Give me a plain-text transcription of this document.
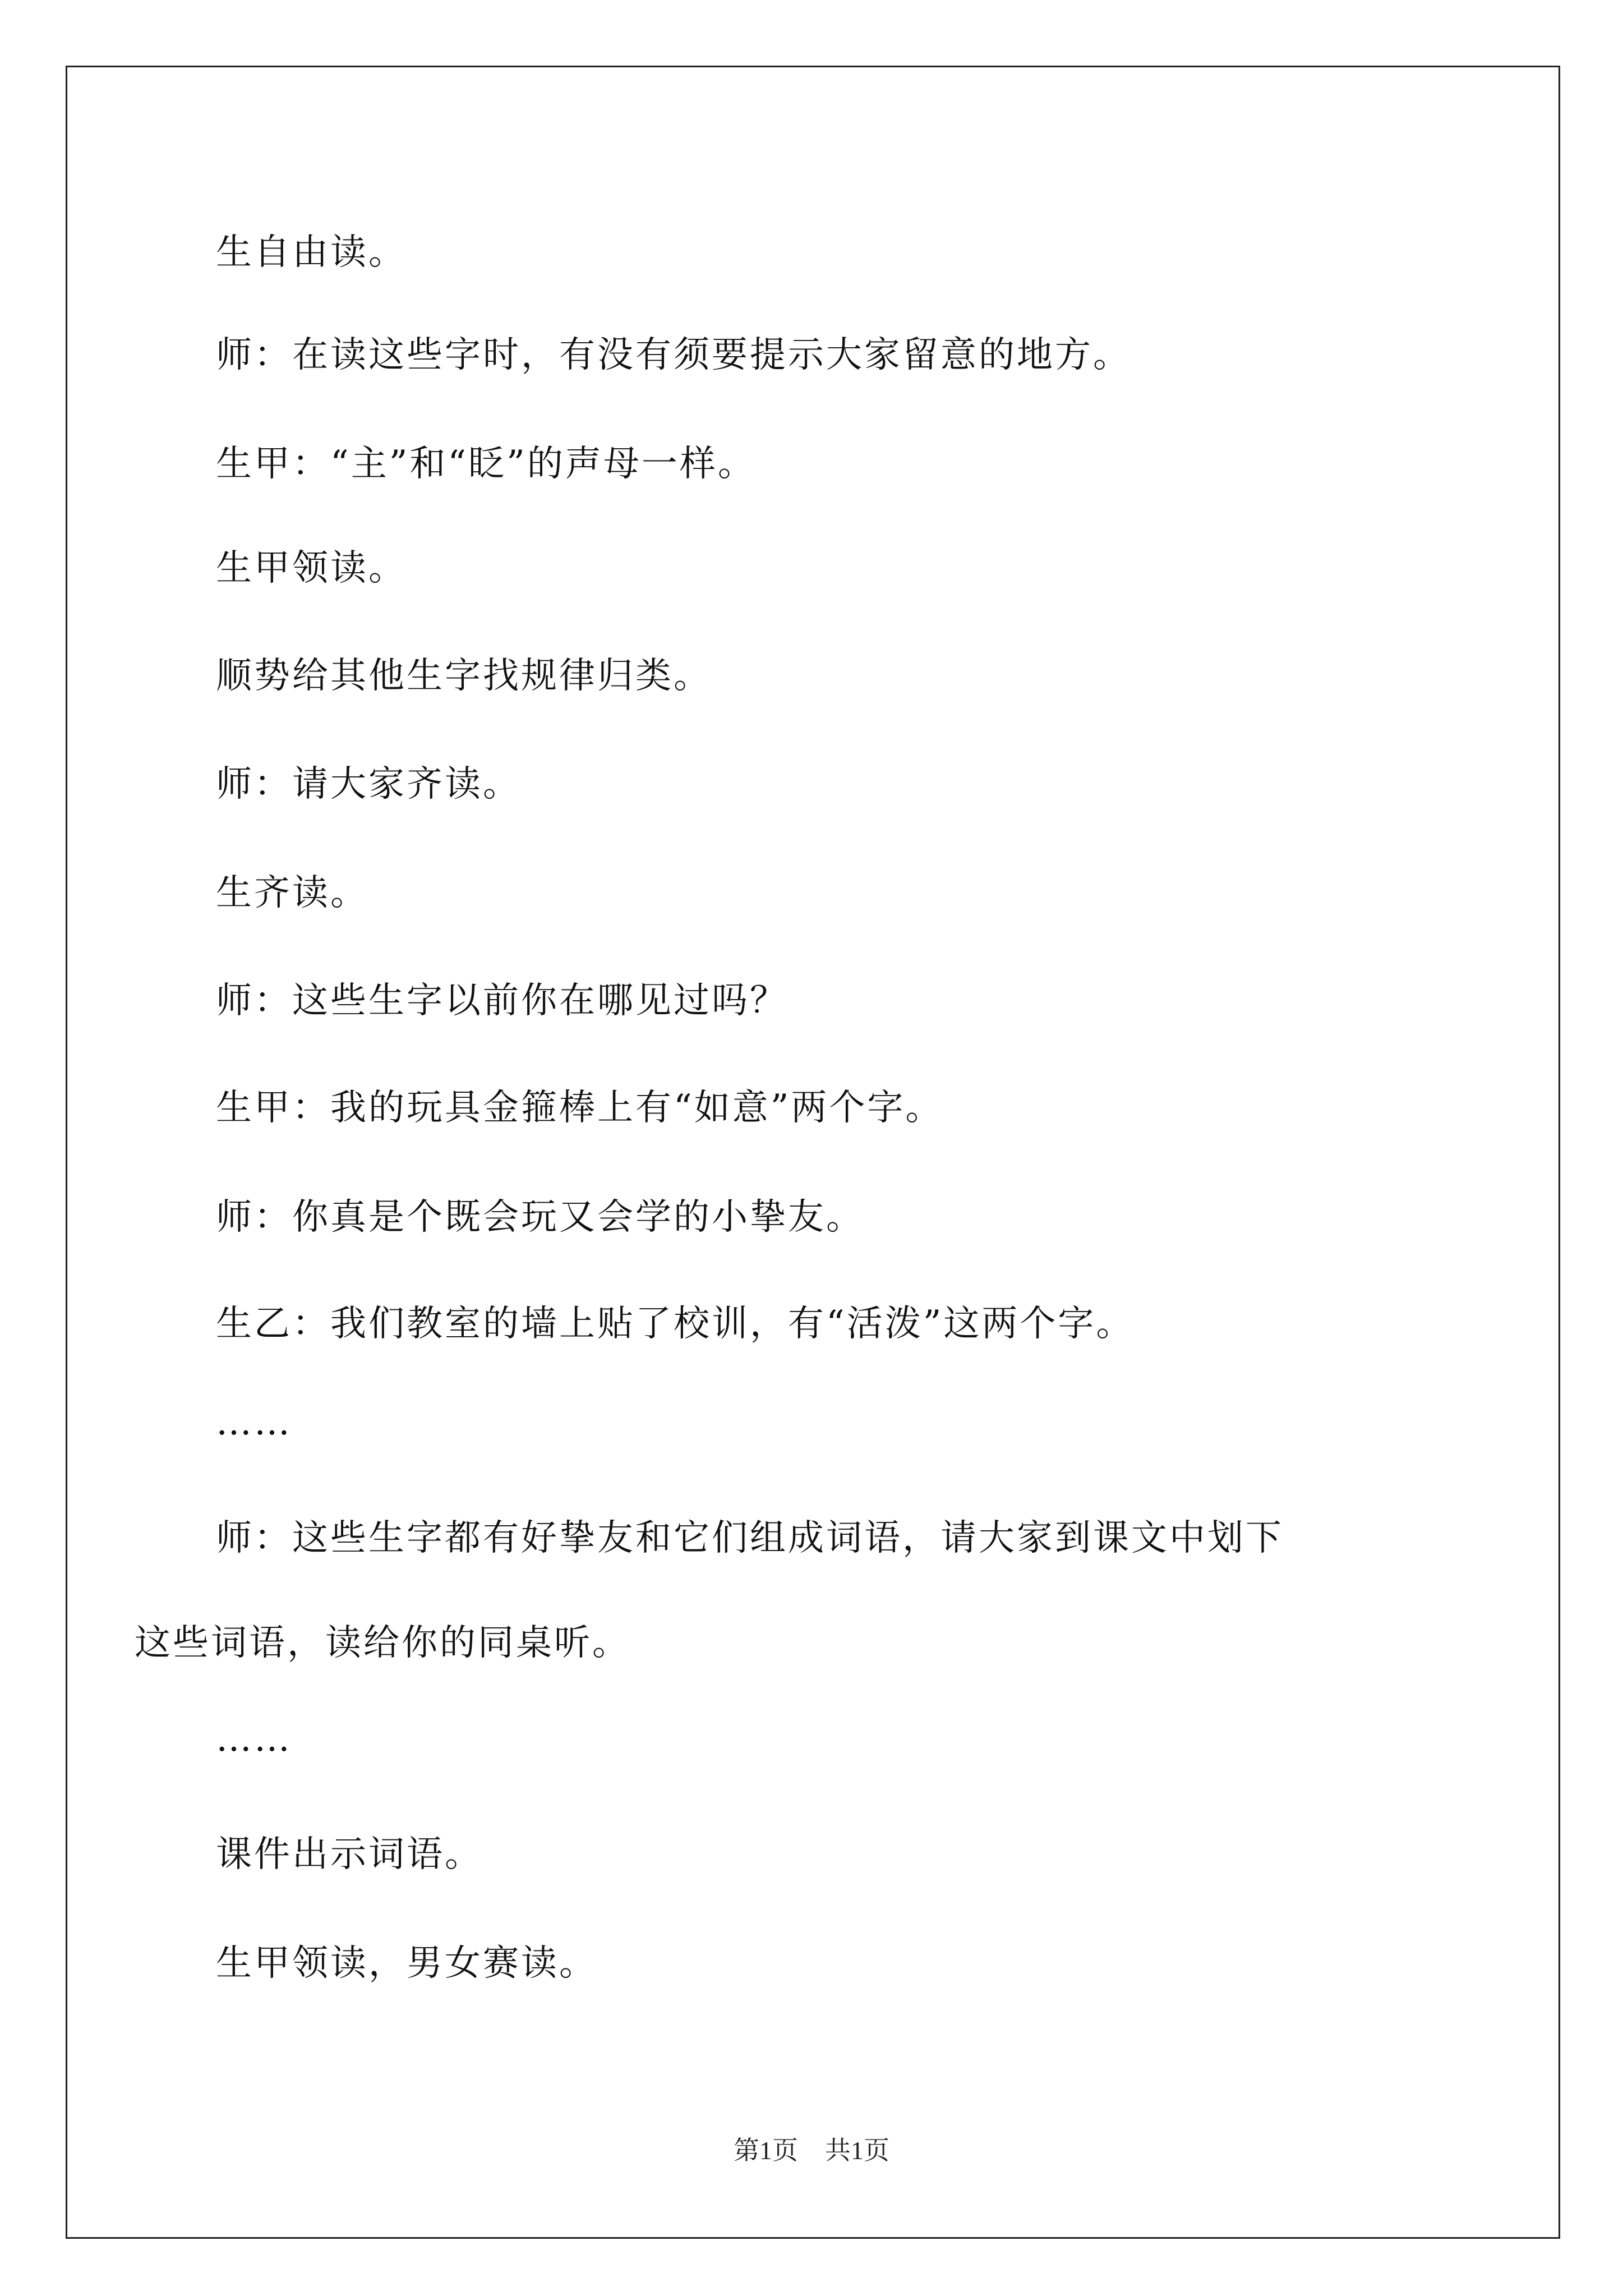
生自由读。

师：在读这些字时，有没有须要提示大家留意的地方。

生甲：“主”和“眨”的声母一样。

生甲领读。

顺势给其他生字找规律归类。

师：请大家齐读。

生齐读。

师：这些生字以前你在哪见过吗？

生甲：我的玩具金箍棒上有“如意”两个字。

师：你真是个既会玩又会学的小挚友。

生乙：我们教室的墙上贴了校训，有“活泼”这两个字。

……

师：这些生字都有好挚友和它们组成词语，请大家到课文中划下

这些词语，读给你的同桌听。

……

课件出示词语。

生甲领读，男女赛读。

第1页 共1页
